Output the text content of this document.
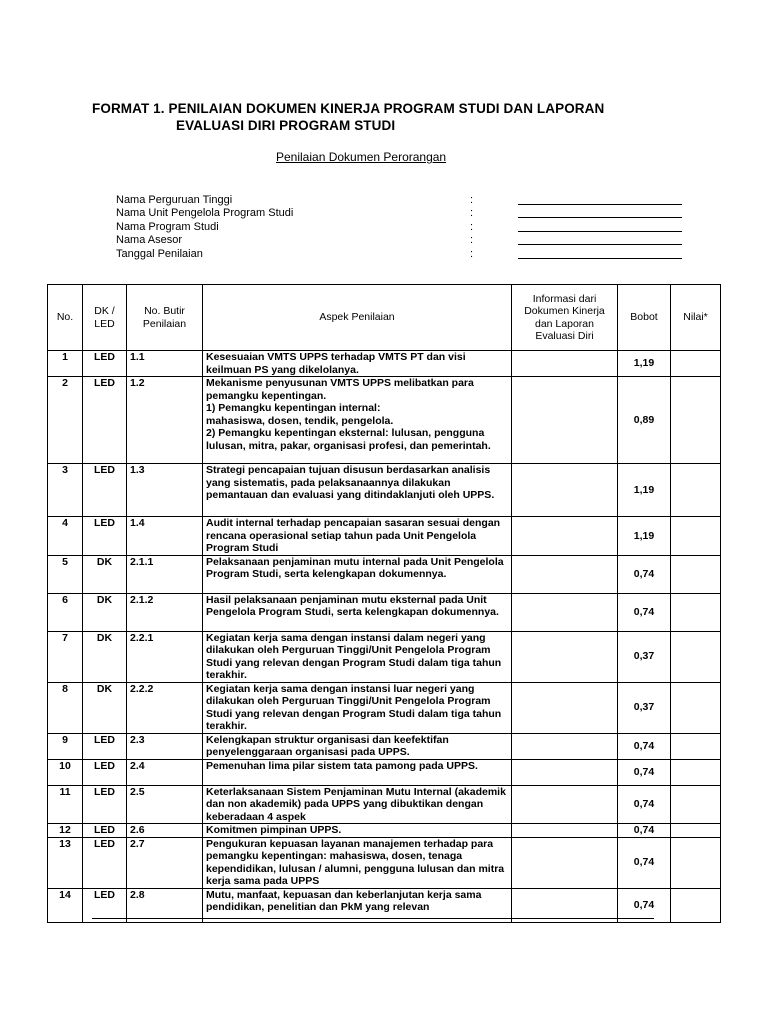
FORMAT 1. PENILAIAN DOKUMEN KINERJA PROGRAM STUDI DAN LAPORAN
EVALUASI DIRI PROGRAM STUDI
Penilaian Dokumen Perorangan
Nama Perguruan Tinggi	:
Nama Unit Pengelola Program Studi	:
Nama Program Studi	:
Nama Asesor	:
Tanggal Penilaian	:
No.	DK / LED	No. Butir Penilaian	Aspek Penilaian	Informasi dari Dokumen Kinerja dan Laporan Evaluasi Diri	Bobot	Nilai*
1	LED	1.1	Kesesuaian VMTS UPPS terhadap VMTS PT dan visi keilmuan PS yang dikelolanya.		1,19	
2	LED	1.2	Mekanisme penyusunan VMTS UPPS melibatkan para pemangku kepentingan.
1) Pemangku kepentingan internal:
mahasiswa, dosen, tendik, pengelola.
2) Pemangku kepentingan eksternal: lulusan, pengguna lulusan, mitra, pakar, organisasi profesi, dan pemerintah.		0,89	
3	LED	1.3	Strategi pencapaian tujuan disusun berdasarkan analisis yang sistematis, pada pelaksanaannya dilakukan pemantauan dan evaluasi yang ditindaklanjuti oleh UPPS.		1,19	
4	LED	1.4	Audit internal terhadap pencapaian sasaran sesuai dengan rencana operasional setiap tahun pada Unit Pengelola Program Studi		1,19	
5	DK	2.1.1	Pelaksanaan penjaminan mutu internal pada Unit Pengelola Program Studi, serta kelengkapan dokumennya.		0,74	
6	DK	2.1.2	Hasil pelaksanaan penjaminan mutu eksternal pada Unit Pengelola Program Studi, serta kelengkapan dokumennya.		0,74	
7	DK	2.2.1	Kegiatan kerja sama dengan instansi dalam negeri yang dilakukan oleh Perguruan Tinggi/Unit Pengelola Program Studi yang relevan dengan Program Studi dalam tiga tahun terakhir.		0,37	
8	DK	2.2.2	Kegiatan kerja sama dengan instansi luar negeri yang dilakukan oleh Perguruan Tinggi/Unit Pengelola Program Studi yang relevan dengan Program Studi dalam tiga tahun terakhir.		0,37	
9	LED	2.3	Kelengkapan struktur organisasi dan keefektifan penyelenggaraan organisasi pada UPPS.		0,74	
10	LED	2.4	Pemenuhan lima pilar sistem tata pamong pada UPPS.		0,74	
11	LED	2.5	Keterlaksanaan Sistem Penjaminan Mutu Internal (akademik dan non akademik) pada UPPS yang dibuktikan dengan keberadaan 4 aspek		0,74	
12	LED	2.6	Komitmen pimpinan UPPS.		0,74	
13	LED	2.7	Pengukuran kepuasan layanan manajemen terhadap para pemangku kepentingan: mahasiswa, dosen, tenaga kependidikan, lulusan / alumni, pengguna lulusan dan mitra kerja sama pada UPPS		0,74	
14	LED	2.8	Mutu, manfaat, kepuasan dan keberlanjutan kerja sama pendidikan, penelitian dan PkM yang relevan		0,74	
